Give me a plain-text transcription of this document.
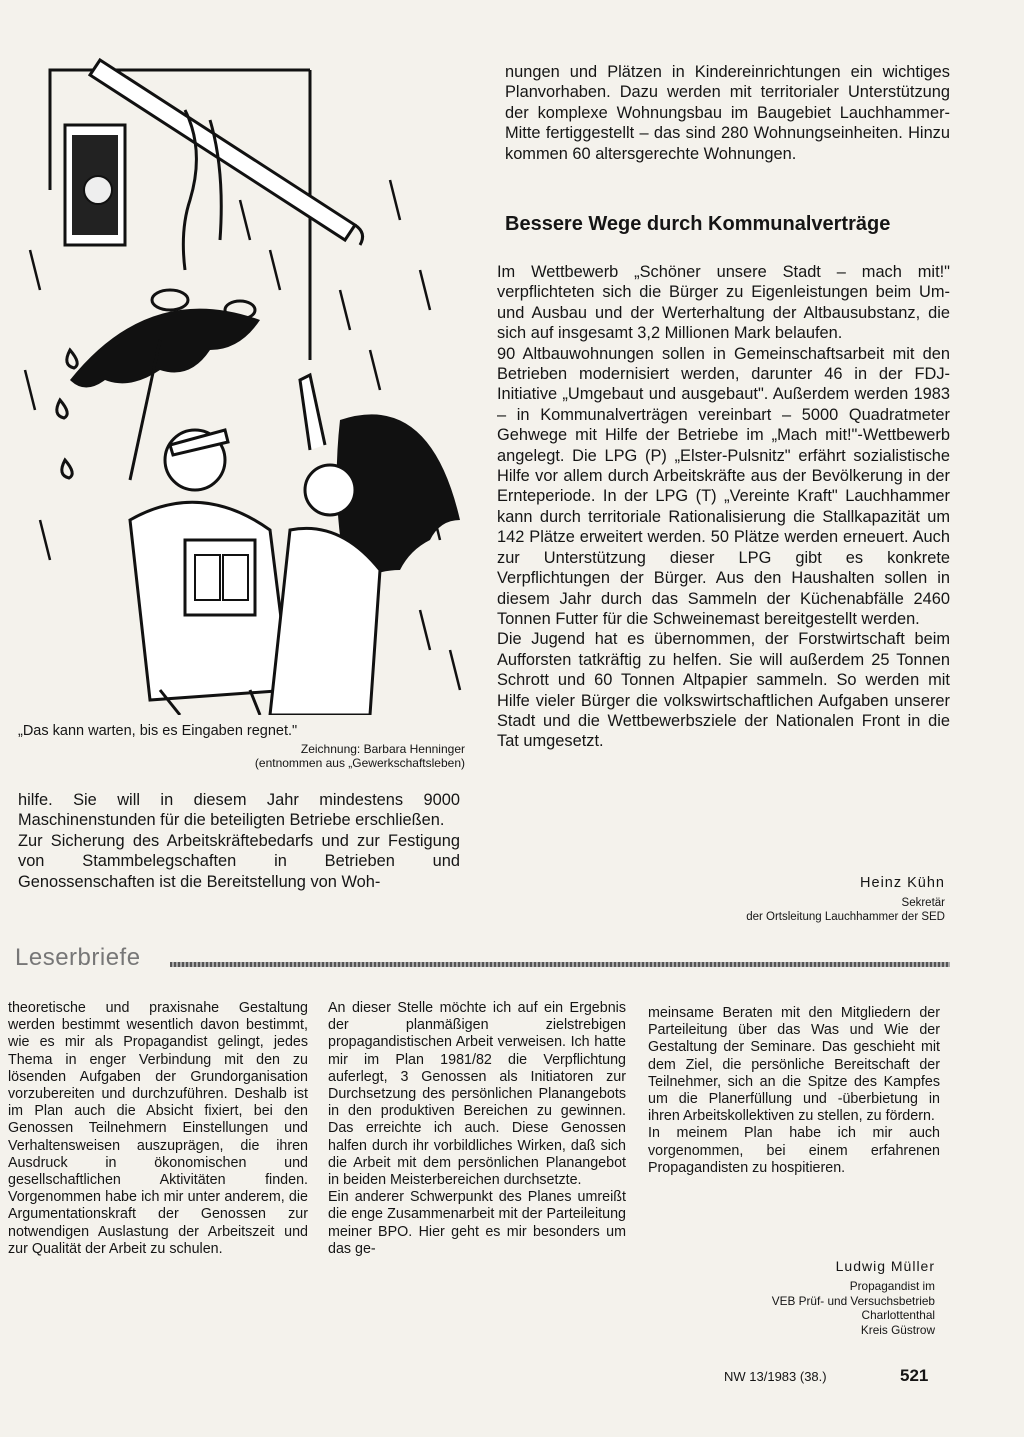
„Das kann warten, bis es Eingaben regnet."
Zeichnung: Barbara Henninger
(entnommen aus „Gewerkschaftsleben)

hilfe. Sie will in diesem Jahr mindestens 9000 Maschinenstunden für die beteiligten Betriebe erschließen.

Zur Sicherung des Arbeitskräftebedarfs und zur Festigung von Stammbelegschaften in Betrieben und Genossenschaften ist die Bereitstellung von Woh-

nungen und Plätzen in Kindereinrichtungen ein wichtiges Planvorhaben. Dazu werden mit territorialer Unterstützung der komplexe Wohnungsbau im Baugebiet Lauchhammer-Mitte fertiggestellt – das sind 280 Wohnungseinheiten. Hinzu kommen 60 altersgerechte Wohnungen.
Bessere Wege durch Kommunalverträge

Im Wettbewerb „Schöner unsere Stadt – mach mit!" verpflichteten sich die Bürger zu Eigenleistungen beim Um- und Ausbau und der Werterhaltung der Altbausubstanz, die sich auf insgesamt 3,2 Millionen Mark belaufen.

90 Altbauwohnungen sollen in Gemeinschaftsarbeit mit den Betrieben modernisiert werden, darunter 46 in der FDJ-Initiative „Umgebaut und ausgebaut". Außerdem werden 1983 – in Kommunalverträgen vereinbart – 5000 Quadratmeter Gehwege mit Hilfe der Betriebe im „Mach mit!"-Wettbewerb angelegt. Die LPG (P) „Elster-Pulsnitz" erfährt sozialistische Hilfe vor allem durch Arbeitskräfte aus der Bevölkerung in der Ernteperiode. In der LPG (T) „Vereinte Kraft" Lauchhammer kann durch territoriale Rationalisierung die Stallkapazität um 142 Plätze erweitert werden. 50 Plätze werden erneuert. Auch zur Unterstützung dieser LPG gibt es konkrete Verpflichtungen der Bürger. Aus den Haushalten sollen in diesem Jahr durch das Sammeln der Küchenabfälle 2460 Tonnen Futter für die Schweinemast bereitgestellt werden.

Die Jugend hat es übernommen, der Forstwirtschaft beim Aufforsten tatkräftig zu helfen. Sie will außerdem 25 Tonnen Schrott und 60 Tonnen Altpapier sammeln. So werden mit Hilfe vieler Bürger die volkswirtschaftlichen Aufgaben unserer Stadt und die Wettbewerbsziele der Nationalen Front in die Tat umgesetzt.

Heinz Kühn
Sekretär
der Ortsleitung Lauchhammer der SED
Leserbriefe
theoretische und praxisnahe Gestaltung werden bestimmt wesentlich davon bestimmt, wie es mir als Propagandist gelingt, jedes Thema in enger Verbindung mit den zu lösenden Aufgaben der Grundorganisation vorzubereiten und durchzuführen. Deshalb ist im Plan auch die Absicht fixiert, bei den Genossen Teilnehmern Einstellungen und Verhaltensweisen auszuprägen, die ihren Ausdruck in ökonomischen und gesellschaftlichen Aktivitäten finden. Vorgenommen habe ich mir unter anderem, die Argumentationskraft der Genossen zur notwendigen Auslastung der Arbeitszeit und zur Qualität der Arbeit zu schulen.

An dieser Stelle möchte ich auf ein Ergebnis der planmäßigen zielstrebigen propagandistischen Arbeit verweisen. Ich hatte mir im Plan 1981/82 die Verpflichtung auferlegt, 3 Genossen als Initiatoren zur Durchsetzung des persönlichen Planangebots in den produktiven Bereichen zu gewinnen. Das erreichte ich auch. Diese Genossen halfen durch ihr vorbildliches Wirken, daß sich die Arbeit mit dem persönlichen Planangebot in beiden Meisterbereichen durchsetzte.

Ein anderer Schwerpunkt des Planes umreißt die enge Zusammenarbeit mit der Parteileitung meiner BPO. Hier geht es mir besonders um das ge-

meinsame Beraten mit den Mitgliedern der Parteileitung über das Was und Wie der Gestaltung der Seminare. Das geschieht mit dem Ziel, die persönliche Bereitschaft der Teilnehmer, sich an die Spitze des Kampfes um die Planerfüllung und -überbietung in ihren Arbeitskollektiven zu stellen, zu fördern.

In meinem Plan habe ich mir auch vorgenommen, bei einem erfahrenen Propagandisten zu hospitieren.

Ludwig Müller
Propagandist im
VEB Prüf- und Versuchsbetrieb
Charlottenthal
Kreis Güstrow
NW 13/1983 (38.)	521
